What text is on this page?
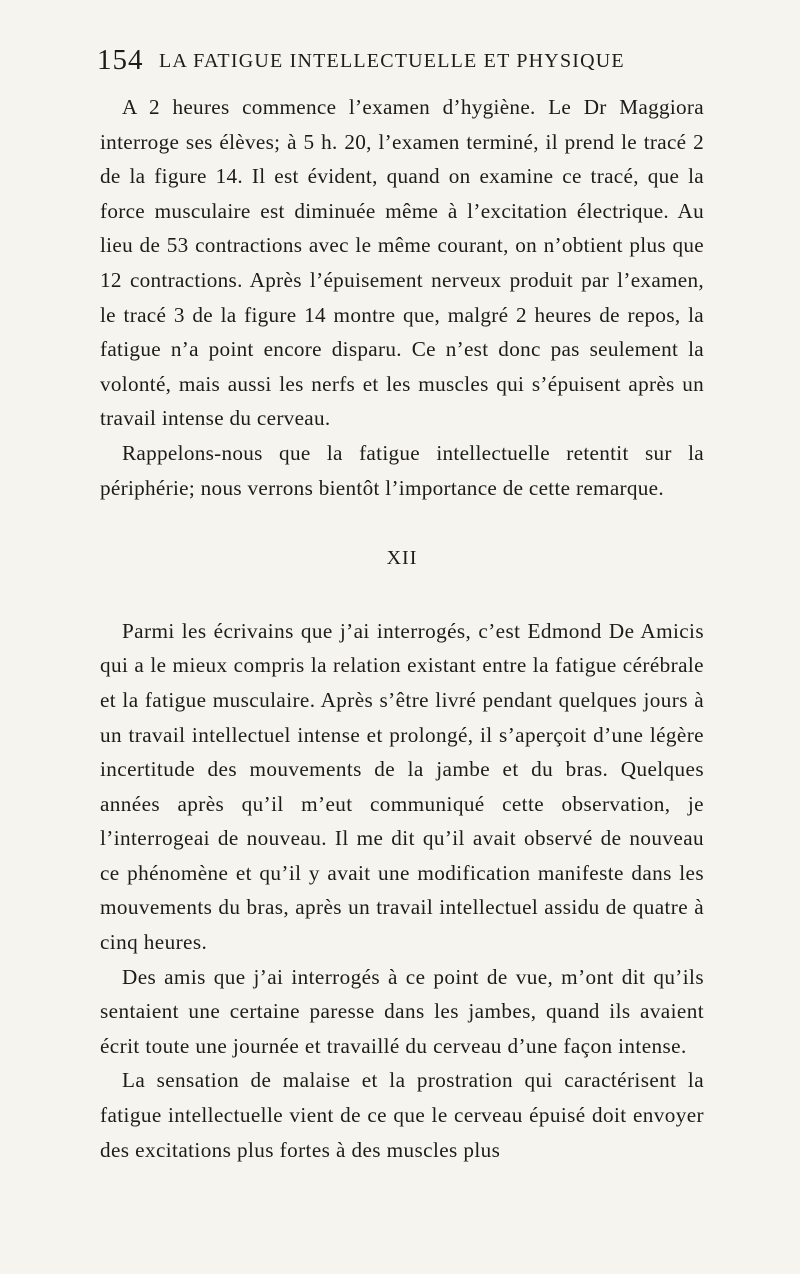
154 LA FATIGUE INTELLECTUELLE ET PHYSIQUE

A 2 heures commence l’examen d’hygiène. Le Dr Maggiora interroge ses élèves; à 5 h. 20, l’examen terminé, il prend le tracé 2 de la figure 14. Il est évident, quand on examine ce tracé, que la force musculaire est diminuée même à l’excitation électrique. Au lieu de 53 contractions avec le même courant, on n’obtient plus que 12 contractions. Après l’épuisement nerveux produit par l’examen, le tracé 3 de la figure 14 montre que, malgré 2 heures de repos, la fatigue n’a point encore disparu. Ce n’est donc pas seulement la volonté, mais aussi les nerfs et les muscles qui s’épuisent après un travail intense du cerveau.

Rappelons-nous que la fatigue intellectuelle retentit sur la périphérie; nous verrons bientôt l’importance de cette remarque.

XII

Parmi les écrivains que j’ai interrogés, c’est Edmond De Amicis qui a le mieux compris la relation existant entre la fatigue cérébrale et la fatigue musculaire. Après s’être livré pendant quelques jours à un travail intellectuel intense et prolongé, il s’aperçoit d’une légère incertitude des mouvements de la jambe et du bras. Quelques années après qu’il m’eut communiqué cette observation, je l’interrogeai de nouveau. Il me dit qu’il avait observé de nouveau ce phénomène et qu’il y avait une modification manifeste dans les mouvements du bras, après un travail intellectuel assidu de quatre à cinq heures.

Des amis que j’ai interrogés à ce point de vue, m’ont dit qu’ils sentaient une certaine paresse dans les jambes, quand ils avaient écrit toute une journée et travaillé du cerveau d’une façon intense.

La sensation de malaise et la prostration qui caractérisent la fatigue intellectuelle vient de ce que le cerveau épuisé doit envoyer des excitations plus fortes à des muscles plus
